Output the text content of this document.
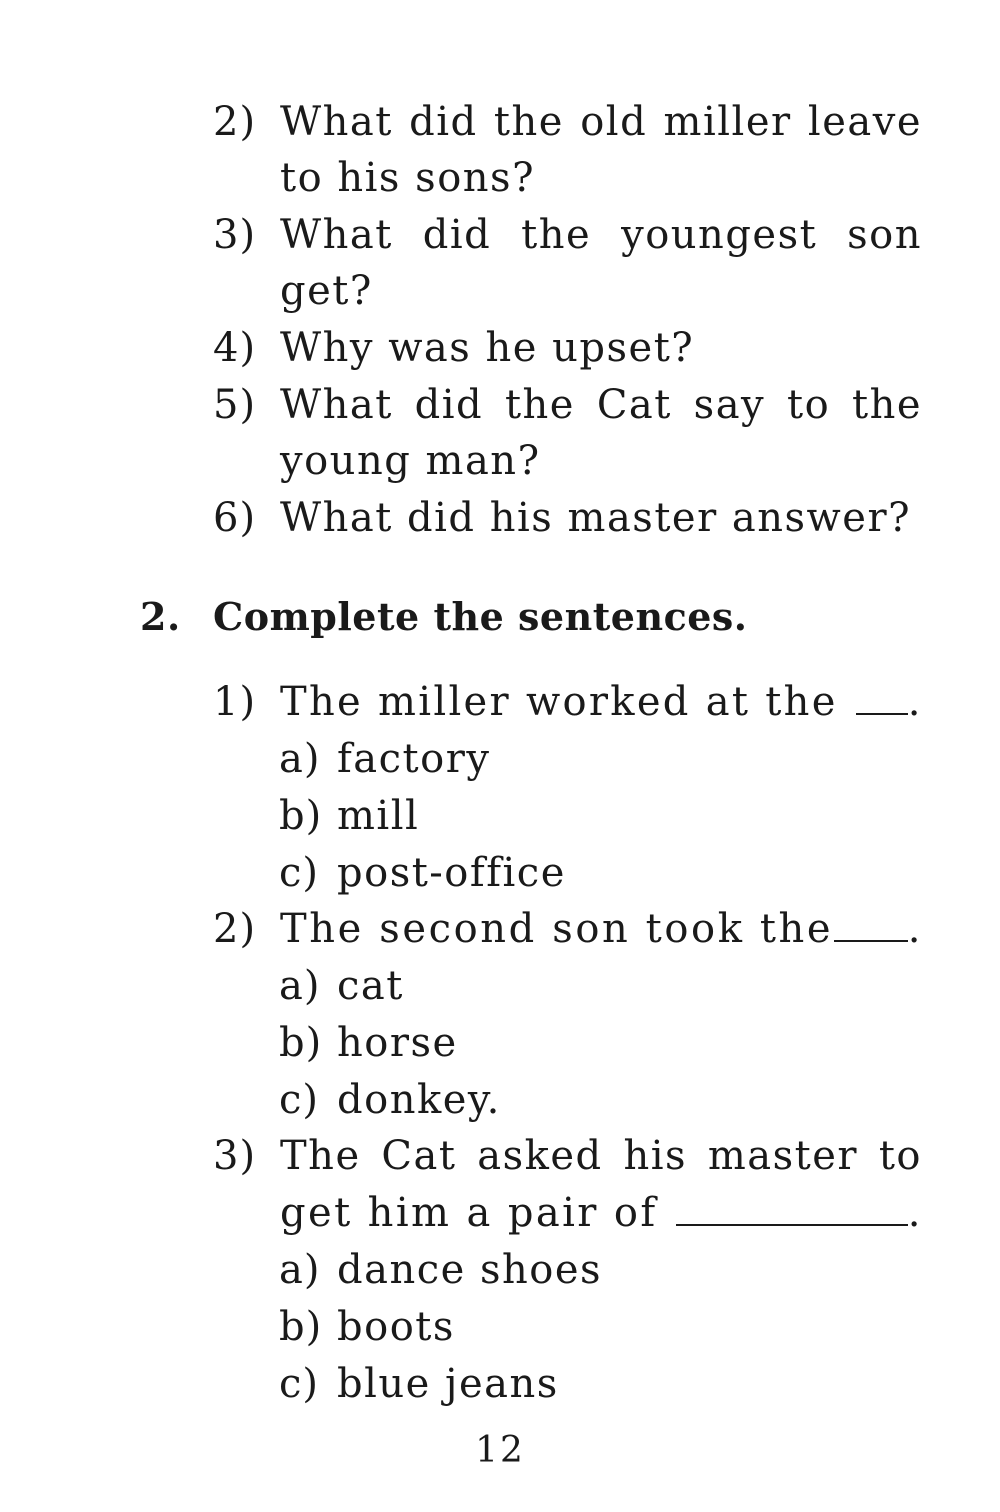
2) What did the old miller leave
to his sons?
3) What did the youngest son
get?
4) Why was he upset?
5) What did the Cat say to the
young man?
6) What did his master answer?
2. Complete the sentences.
1) The miller worked at the .
a) factory
b) mill
c) post-office
2) The second son took the .
a) cat
b) horse
c) donkey.
3) The Cat asked his master to
get him a pair of	.
a) dance shoes
b) boots
c) blue jeans
12
